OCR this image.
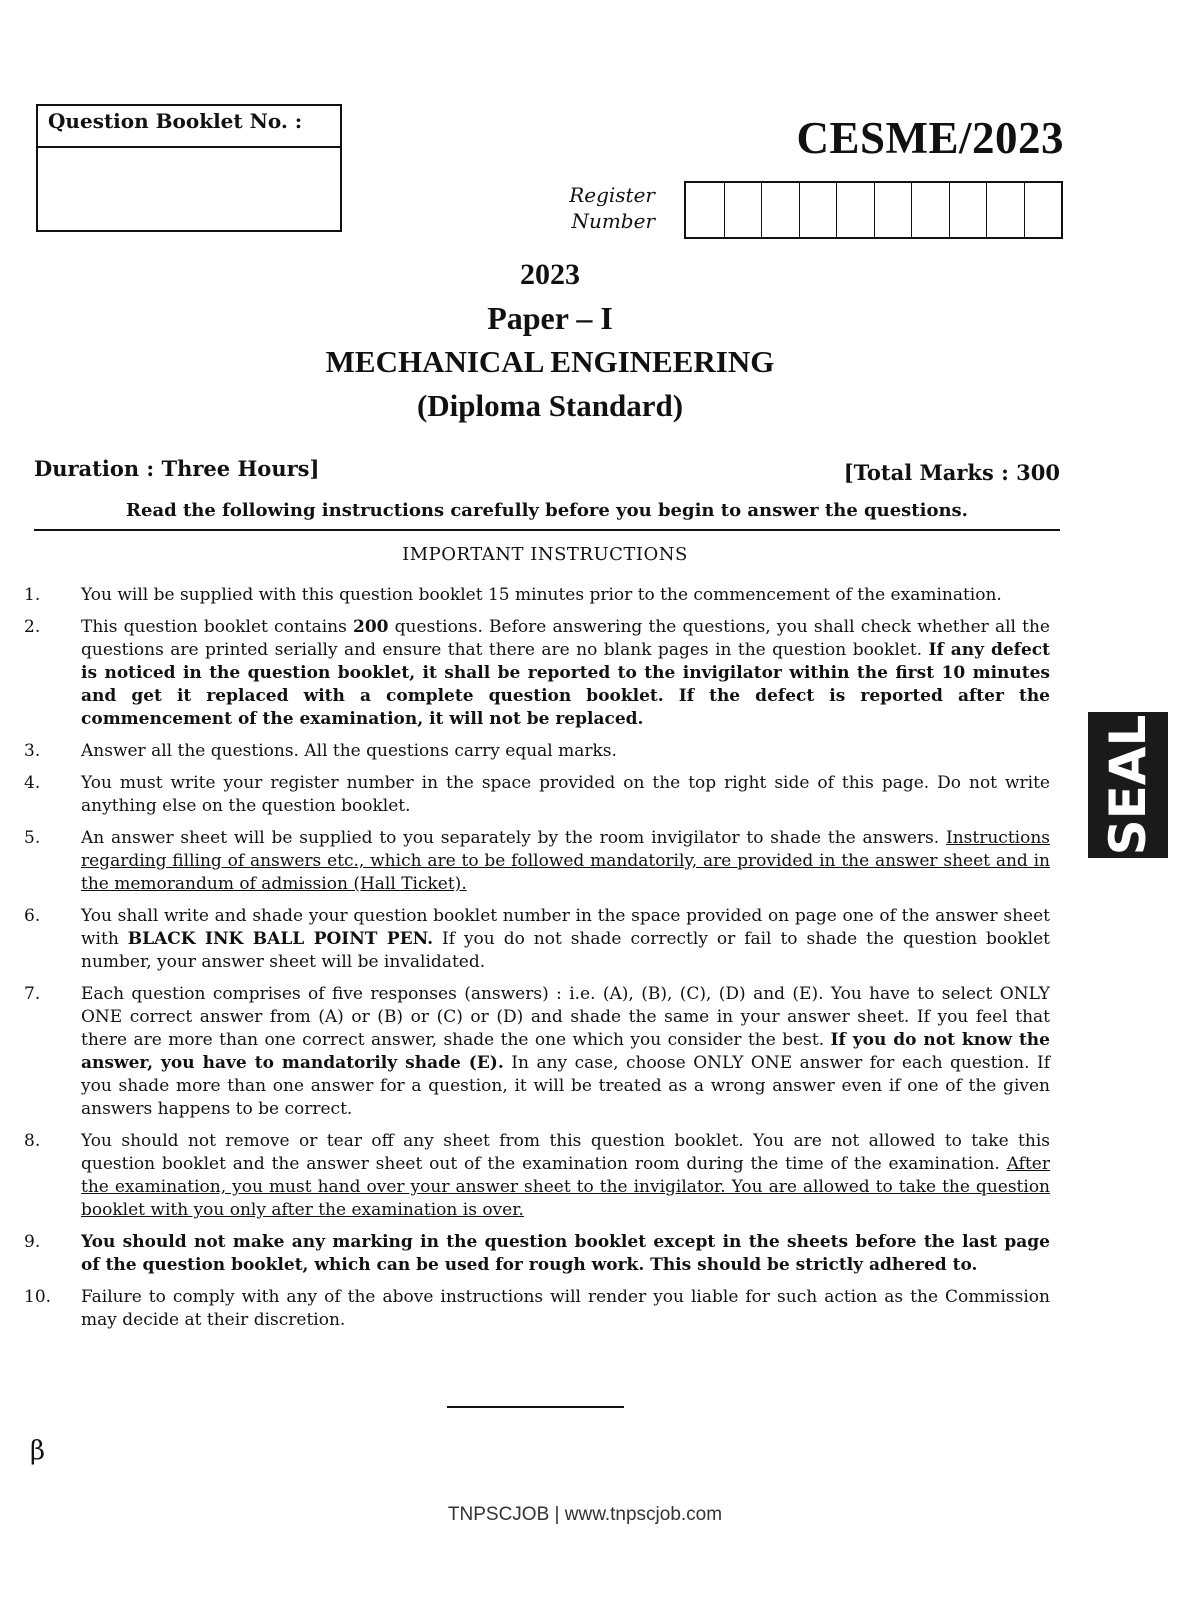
Question Booklet No. :	CESME/2023
Register
Number
2023
Paper – I
MECHANICAL ENGINEERING
(Diploma Standard)
Duration : Three Hours]	[Total Marks : 300
Read the following instructions carefully before you begin to answer the questions.
IMPORTANT INSTRUCTIONS
1.	You will be supplied with this question booklet 15 minutes prior to the commencement of the examination.
2.	This question booklet contains 200 questions. Before answering the questions, you shall check whether all the questions are printed serially and ensure that there are no blank pages in the question booklet. If any defect is noticed in the question booklet, it shall be reported to the invigilator within the first 10 minutes and get it replaced with a complete question booklet. If the defect is reported after the commencement of the examination, it will not be replaced.
3.	Answer all the questions. All the questions carry equal marks.
4.	You must write your register number in the space provided on the top right side of this page. Do not write anything else on the question booklet.
5.	An answer sheet will be supplied to you separately by the room invigilator to shade the answers. Instructions regarding filling of answers etc., which are to be followed mandatorily, are provided in the answer sheet and in the memorandum of admission (Hall Ticket).
6.	You shall write and shade your question booklet number in the space provided on page one of the answer sheet with BLACK INK BALL POINT PEN. If you do not shade correctly or fail to shade the question booklet number, your answer sheet will be invalidated.
7.	Each question comprises of five responses (answers) : i.e. (A), (B), (C), (D) and (E). You have to select ONLY ONE correct answer from (A) or (B) or (C) or (D) and shade the same in your answer sheet. If you feel that there are more than one correct answer, shade the one which you consider the best. If you do not know the answer, you have to mandatorily shade (E). In any case, choose ONLY ONE answer for each question. If you shade more than one answer for a question, it will be treated as a wrong answer even if one of the given answers happens to be correct.
8.	You should not remove or tear off any sheet from this question booklet. You are not allowed to take this question booklet and the answer sheet out of the examination room during the time of the examination. After the examination, you must hand over your answer sheet to the invigilator. You are allowed to take the question booklet with you only after the examination is over.
9.	You should not make any marking in the question booklet except in the sheets before the last page of the question booklet, which can be used for rough work. This should be strictly adhered to.
10.	Failure to comply with any of the above instructions will render you liable for such action as the Commission may decide at their discretion.
β
TNPSCJOB | www.tnpscjob.com
SEAL
